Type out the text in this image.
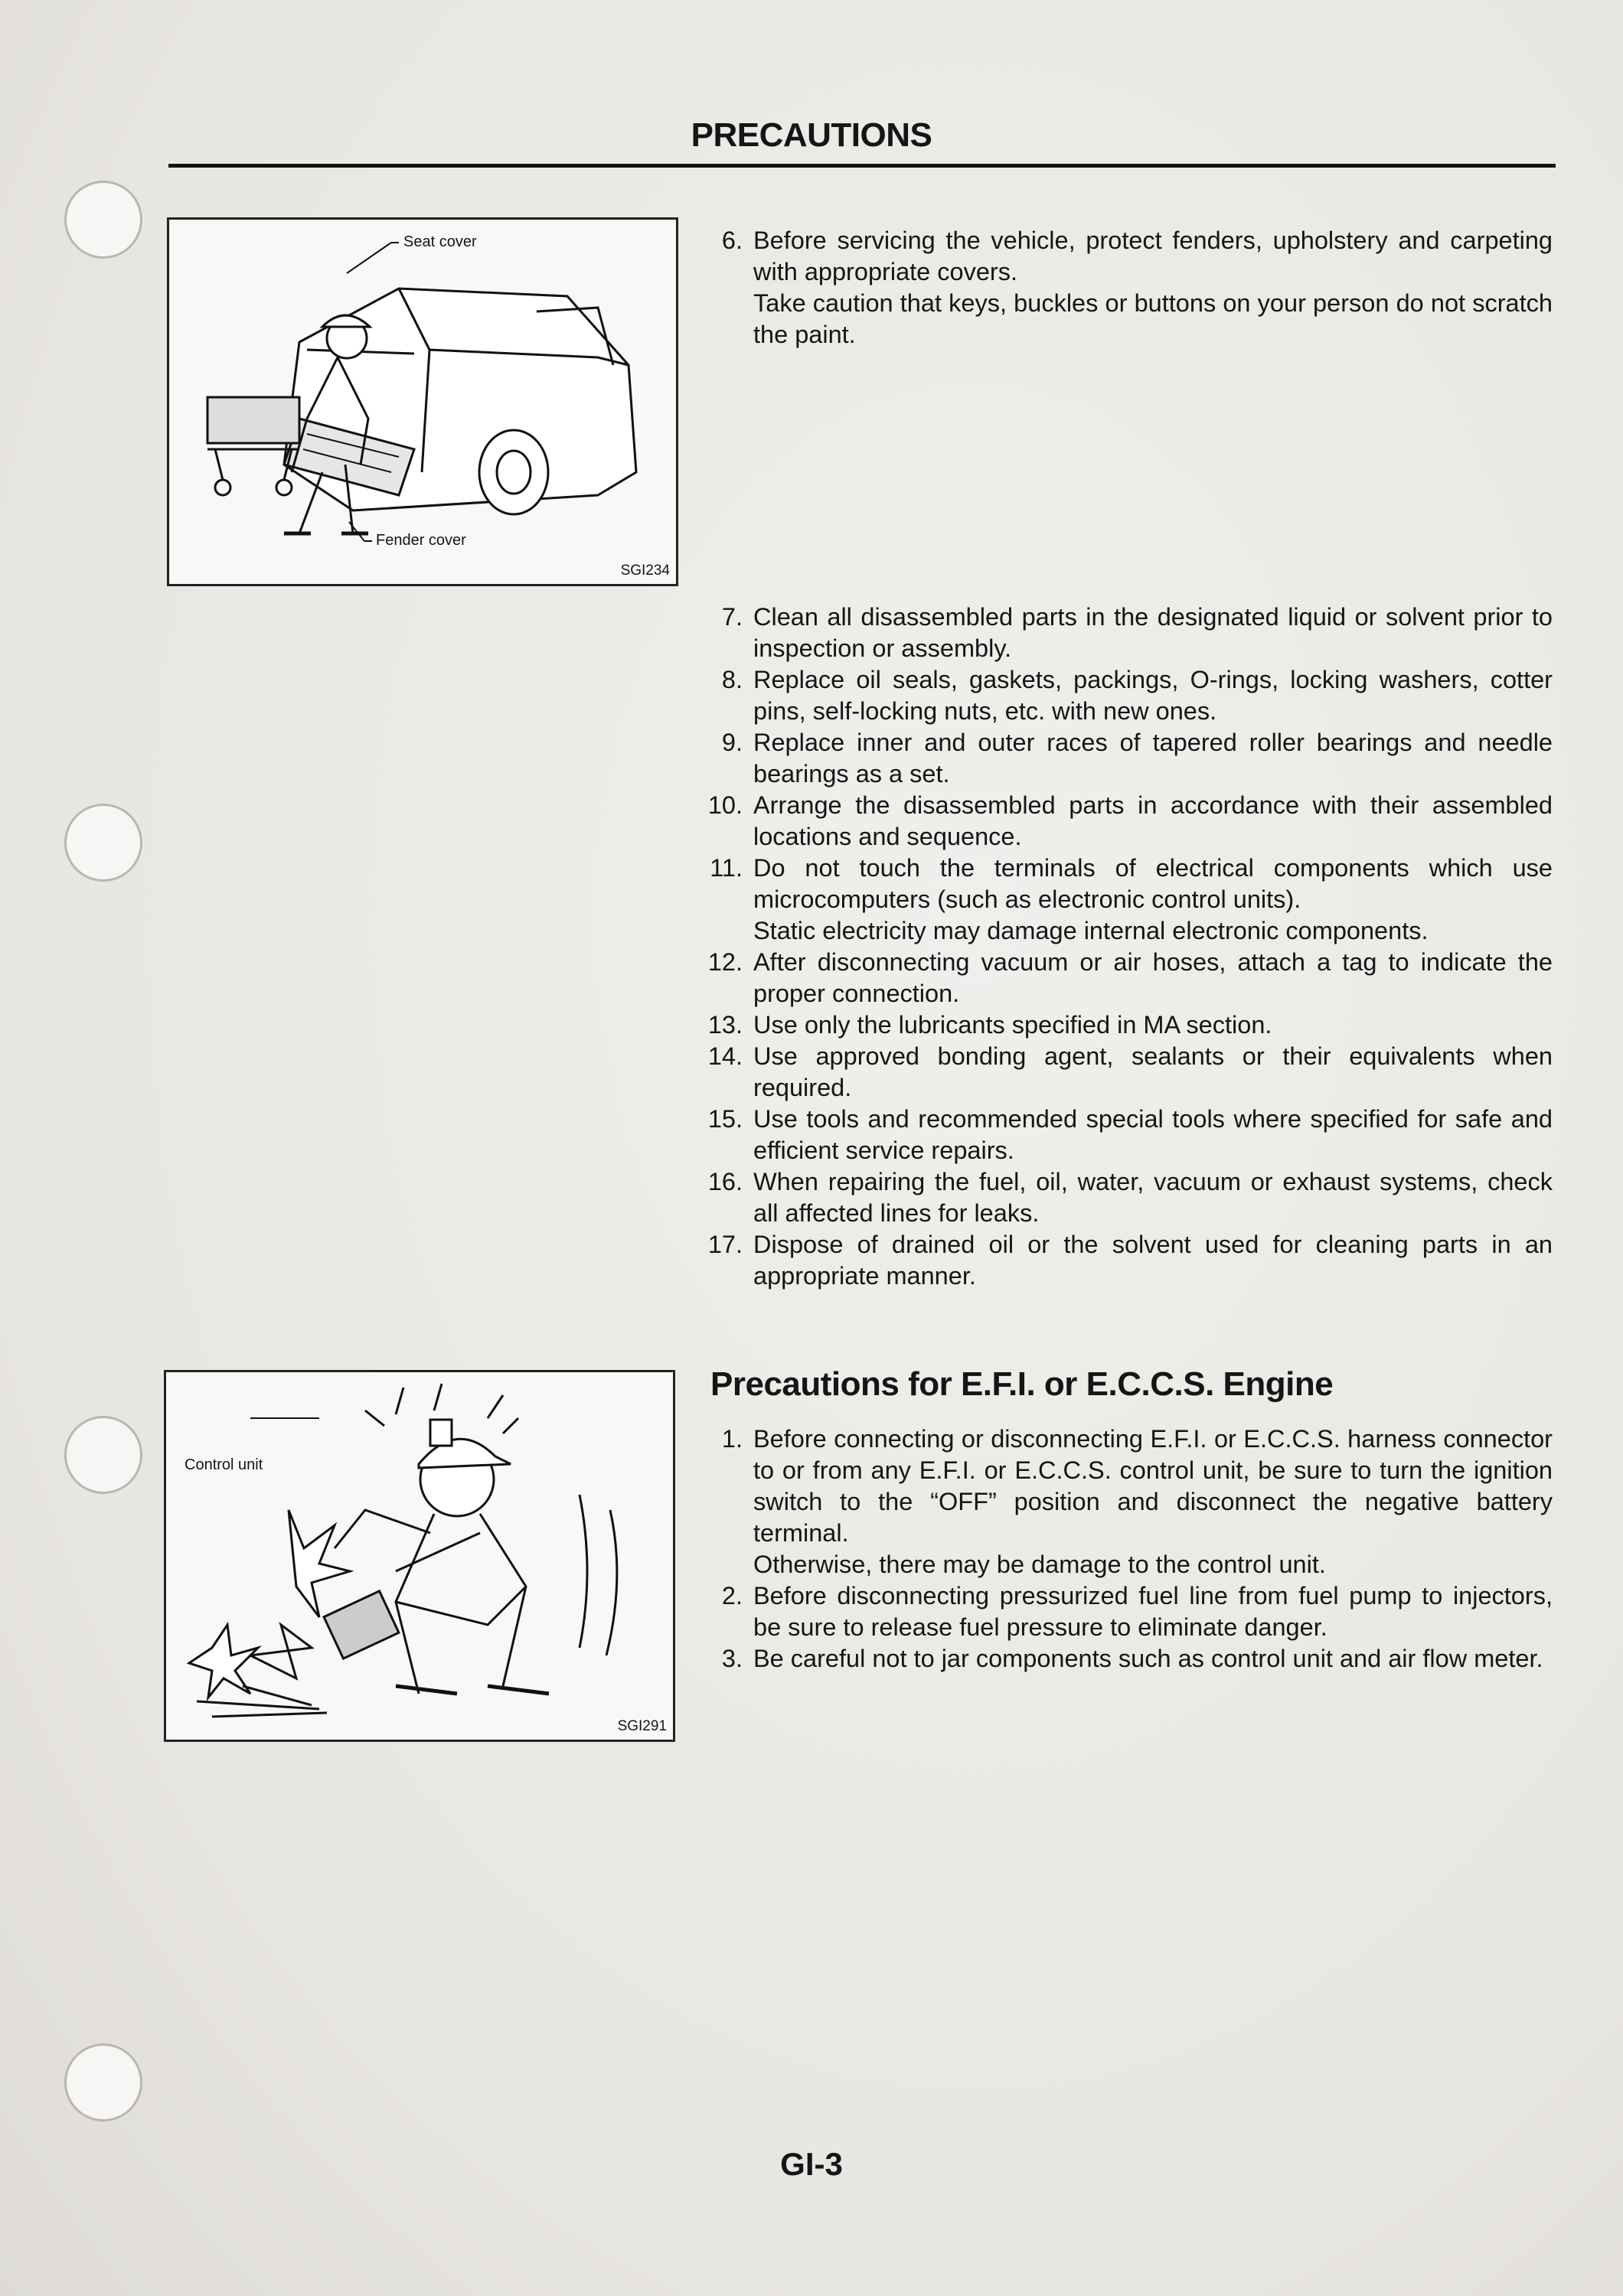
PRECAUTIONS
Seat cover
Fender cover
SGI234
Control unit
SGI291
6. Before servicing the vehicle, protect fenders, upholstery and carpeting with appropriate covers.
Take caution that keys, buckles or buttons on your person do not scratch the paint.
7. Clean all disassembled parts in the designated liquid or solvent prior to inspection or assembly.
8. Replace oil seals, gaskets, packings, O-rings, locking washers, cotter pins, self-locking nuts, etc. with new ones.
9. Replace inner and outer races of tapered roller bearings and needle bearings as a set.
10. Arrange the disassembled parts in accordance with their assembled locations and sequence.
11. Do not touch the terminals of electrical components which use microcomputers (such as electronic control units).
Static electricity may damage internal electronic components.
12. After disconnecting vacuum or air hoses, attach a tag to indicate the proper connection.
13. Use only the lubricants specified in MA section.
14. Use approved bonding agent, sealants or their equivalents when required.
15. Use tools and recommended special tools where specified for safe and efficient service repairs.
16. When repairing the fuel, oil, water, vacuum or exhaust systems, check all affected lines for leaks.
17. Dispose of drained oil or the solvent used for cleaning parts in an appropriate manner.
Precautions for E.F.I. or E.C.C.S. Engine
1. Before connecting or disconnecting E.F.I. or E.C.C.S. harness connector to or from any E.F.I. or E.C.C.S. control unit, be sure to turn the ignition switch to the “OFF” position and disconnect the negative battery terminal.
Otherwise, there may be damage to the control unit.
2. Before disconnecting pressurized fuel line from fuel pump to injectors, be sure to release fuel pressure to eliminate danger.
3. Be careful not to jar components such as control unit and air flow meter.
GI-3
